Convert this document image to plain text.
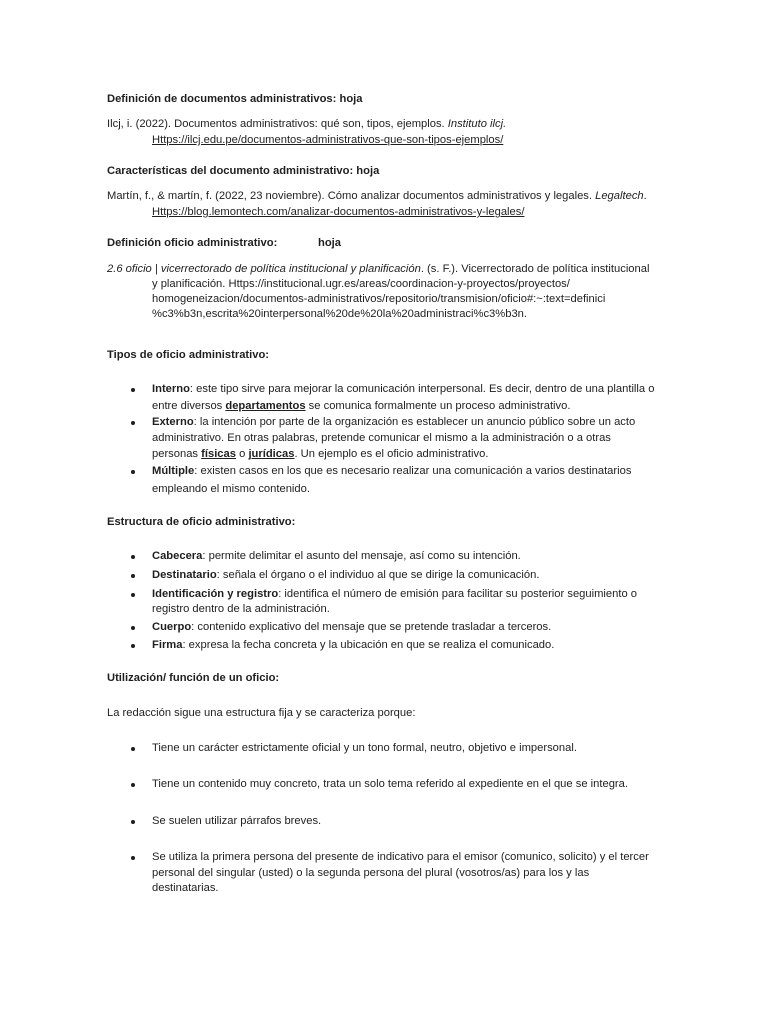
Definición de documentos administrativos: hoja
Ilcj, i. (2022). Documentos administrativos: qué son, tipos, ejemplos. Instituto ilcj.
Https://ilcj.edu.pe/documentos-administrativos-que-son-tipos-ejemplos/
Características del documento administrativo: hoja
Martín, f., & martín, f. (2022, 23 noviembre). Cómo analizar documentos administrativos y legales. Legaltech.
Https://blog.lemontech.com/analizar-documentos-administrativos-y-legales/
Definición oficio administrativo:	hoja
2.6 oficio | vicerrectorado de política institucional y planificación. (s. F.). Vicerrectorado de política institucional
y planificación. Https://institucional.ugr.es/areas/coordinacion-y-proyectos/proyectos/
homogeneizacion/documentos-administrativos/repositorio/transmision/oficio#:~:text=definici
%c3%b3n,escrita%20interpersonal%20de%20la%20administraci%c3%b3n.
Tipos de oficio administrativo:
Interno: este tipo sirve para mejorar la comunicación interpersonal. Es decir, dentro de una plantilla o
entre diversos departamentos se comunica formalmente un proceso administrativo.
Externo: la intención por parte de la organización es establecer un anuncio público sobre un acto
administrativo. En otras palabras, pretende comunicar el mismo a la administración o a otras
personas físicas o jurídicas. Un ejemplo es el oficio administrativo.
Múltiple: existen casos en los que es necesario realizar una comunicación a varios destinatarios
empleando el mismo contenido.
Estructura de oficio administrativo:
Cabecera: permite delimitar el asunto del mensaje, así como su intención.
Destinatario: señala el órgano o el individuo al que se dirige la comunicación.
Identificación y registro: identifica el número de emisión para facilitar su posterior seguimiento o
registro dentro de la administración.
Cuerpo: contenido explicativo del mensaje que se pretende trasladar a terceros.
Firma: expresa la fecha concreta y la ubicación en que se realiza el comunicado.
Utilización/ función de un oficio:
La redacción sigue una estructura fija y se caracteriza porque:
Tiene un carácter estrictamente oficial y un tono formal, neutro, objetivo e impersonal.
Tiene un contenido muy concreto, trata un solo tema referido al expediente en el que se integra.
Se suelen utilizar párrafos breves.
Se utiliza la primera persona del presente de indicativo para el emisor (comunico, solicito) y el tercer
personal del singular (usted) o la segunda persona del plural (vosotros/as) para los y las
destinatarias.
